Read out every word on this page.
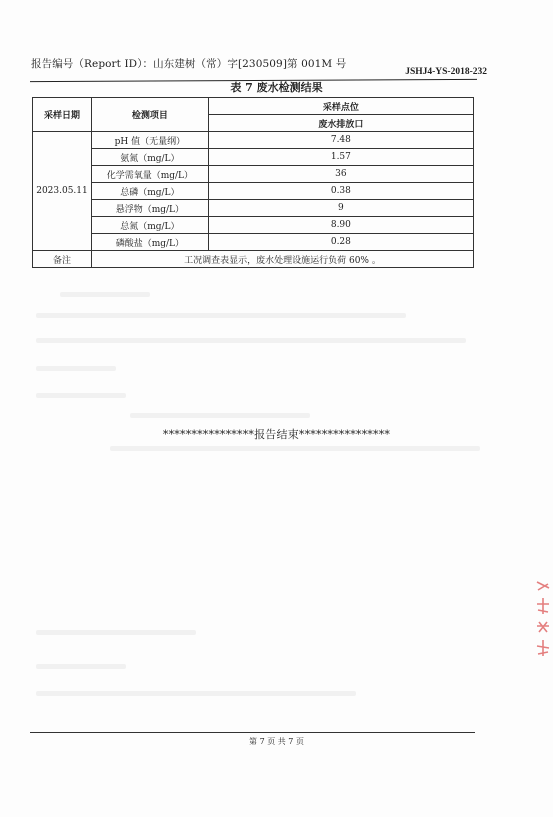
报告编号（Report ID）：山东建树（常）字[230509]第 001M 号
JSHJ4-YS-2018-232
表 7 废水检测结果
采样日期	检测项目	采样点位
		废水排放口
2023.05.11	pH 值（无量纲）	7.48
	氨氮（mg/L）	1.57
	化学需氧量（mg/L）	36
	总磷（mg/L）	0.38
	悬浮物（mg/L）	9
	总氮（mg/L）	8.90
	磷酸盐（mg/L）	0.28
备注	工况调查表显示，废水处理设施运行负荷 60% 。	
****************报告结束****************
第 7 页 共 7 页
